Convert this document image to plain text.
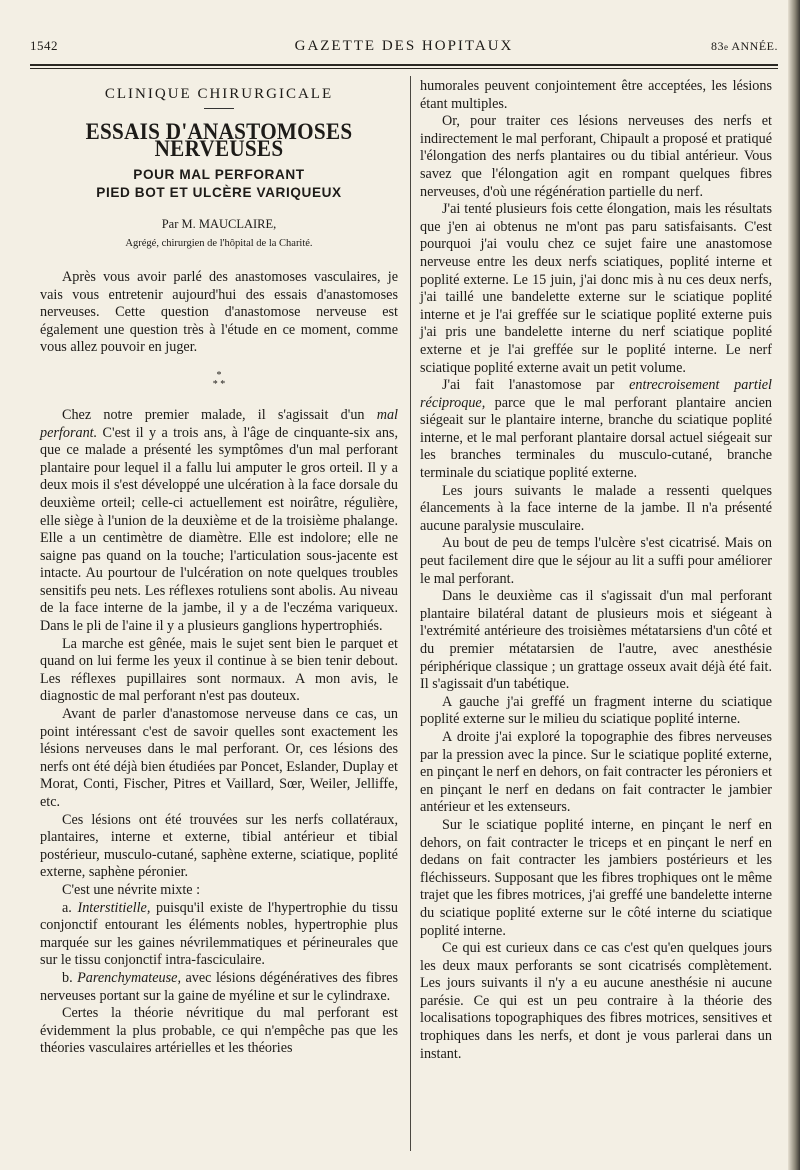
1542	GAZETTE DES HOPITAUX	83e ANNÉE.
CLINIQUE CHIRURGICALE
ESSAIS D'ANASTOMOSES NERVEUSES
POUR MAL PERFORANT
PIED BOT ET ULCÈRE VARIQUEUX
Par M. MAUCLAIRE,
Agrégé, chirurgien de l'hôpital de la Charité.

Après vous avoir parlé des anastomoses vasculaires, je vais vous entretenir aujourd'hui des essais d'anastomoses nerveuses. Cette question d'anastomose nerveuse est également une question très à l'étude en ce moment, comme vous allez pouvoir en juger.

*
* *

Chez notre premier malade, il s'agissait d'un mal perforant. C'est il y a trois ans, à l'âge de cinquante-six ans, que ce malade a présenté les symptômes d'un mal perforant plantaire pour lequel il a fallu lui amputer le gros orteil. Il y a deux mois il s'est développé une ulcération à la face dorsale du deuxième orteil; celle-ci actuellement est noirâtre, régulière, elle siège à l'union de la deuxième et de la troisième phalange. Elle a un centimètre de diamètre. Elle est indolore; elle ne saigne pas quand on la touche; l'articulation sous-jacente est intacte. Au pourtour de l'ulcération on note quelques troubles sensitifs peu nets. Les réflexes rotuliens sont abolis. Au niveau de la face interne de la jambe, il y a de l'eczéma variqueux. Dans le pli de l'aine il y a plusieurs ganglions hypertrophiés.

La marche est gênée, mais le sujet sent bien le parquet et quand on lui ferme les yeux il continue à se bien tenir debout. Les réflexes pupillaires sont normaux. A mon avis, le diagnostic de mal perforant n'est pas douteux.

Avant de parler d'anastomose nerveuse dans ce cas, un point intéressant c'est de savoir quelles sont exactement les lésions nerveuses dans le mal perforant. Or, ces lésions des nerfs ont été déjà bien étudiées par Poncet, Eslander, Duplay et Morat, Conti, Fischer, Pitres et Vaillard, Sœr, Weiler, Jelliffe, etc.

Ces lésions ont été trouvées sur les nerfs collatéraux, plantaires, interne et externe, tibial antérieur et tibial postérieur, musculo-cutané, saphène externe, sciatique, poplité externe, saphène péronier.

C'est une névrite mixte :

a. Interstitielle, puisqu'il existe de l'hypertrophie du tissu conjonctif entourant les éléments nobles, hypertrophie plus marquée sur les gaines névrilemmatiques et périneurales que sur le tissu conjonctif intra-fasciculaire.

b. Parenchymateuse, avec lésions dégénératives des fibres nerveuses portant sur la gaine de myéline et sur le cylindraxe.

Certes la théorie névritique du mal perforant est évidemment la plus probable, ce qui n'empêche pas que les théories vasculaires artérielles et les théories

humorales peuvent conjointement être acceptées, les lésions étant multiples.

Or, pour traiter ces lésions nerveuses des nerfs et indirectement le mal perforant, Chipault a proposé et pratiqué l'élongation des nerfs plantaires ou du tibial antérieur. Vous savez que l'élongation agit en rompant quelques fibres nerveuses, d'où une régénération partielle du nerf.

J'ai tenté plusieurs fois cette élongation, mais les résultats que j'en ai obtenus ne m'ont pas paru satisfaisants. C'est pourquoi j'ai voulu chez ce sujet faire une anastomose nerveuse entre les deux nerfs sciatiques, poplité interne et poplité externe. Le 15 juin, j'ai donc mis à nu ces deux nerfs, j'ai taillé une bandelette externe sur le sciatique poplité interne et je l'ai greffée sur le sciatique poplité externe puis j'ai pris une bandelette interne du nerf sciatique poplité externe et je l'ai greffée sur le poplité interne. Le nerf sciatique poplité externe avait un petit volume.

J'ai fait l'anastomose par entrecroisement partiel réciproque, parce que le mal perforant plantaire ancien siégeait sur le plantaire interne, branche du sciatique poplité interne, et le mal perforant plantaire dorsal actuel siégeait sur les branches terminales du musculo-cutané, branche terminale du sciatique poplité externe.

Les jours suivants le malade a ressenti quelques élancements à la face interne de la jambe. Il n'a présenté aucune paralysie musculaire.

Au bout de peu de temps l'ulcère s'est cicatrisé. Mais on peut facilement dire que le séjour au lit a suffi pour améliorer le mal perforant.

Dans le deuxième cas il s'agissait d'un mal perforant plantaire bilatéral datant de plusieurs mois et siégeant à l'extrémité antérieure des troisièmes métatarsiens d'un côté et du premier métatarsien de l'autre, avec anesthésie périphérique classique ; un grattage osseux avait déjà été fait. Il s'agissait d'un tabétique.

A gauche j'ai greffé un fragment interne du sciatique poplité externe sur le milieu du sciatique poplité interne.

A droite j'ai exploré la topographie des fibres nerveuses par la pression avec la pince. Sur le sciatique poplité externe, en pinçant le nerf en dehors, on fait contracter les péroniers et en pinçant le nerf en dedans on fait contracter le jambier antérieur et les extenseurs.

Sur le sciatique poplité interne, en pinçant le nerf en dehors, on fait contracter le triceps et en pinçant le nerf en dedans on fait contracter les jambiers postérieurs et les fléchisseurs. Supposant que les fibres trophiques ont le même trajet que les fibres motrices, j'ai greffé une bandelette interne du sciatique poplité externe sur le côté interne du sciatique poplité interne.

Ce qui est curieux dans ce cas c'est qu'en quelques jours les deux maux perforants se sont cicatrisés complètement. Les jours suivants il n'y a eu aucune anesthésie ni aucune parésie. Ce qui est un peu contraire à la théorie des localisations topographiques des fibres motrices, sensitives et trophiques dans les nerfs, et dont je vous parlerai dans un instant.
